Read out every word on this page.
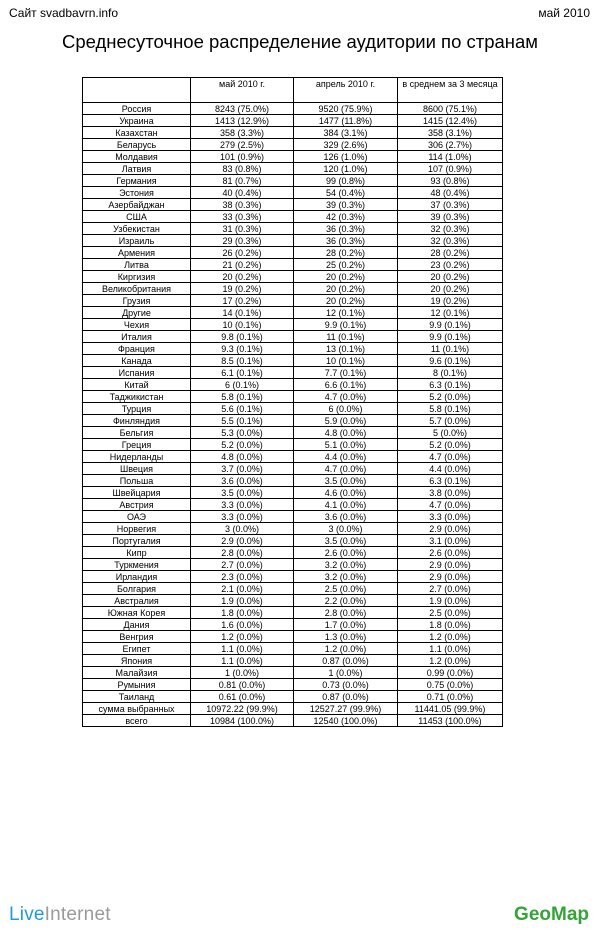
Сайт svadbavrn.info	май 2010
Среднесуточное распределение аудитории по странам
	май 2010 г.	апрель 2010 г.	в среднем за 3 месяца
Россия	8243 (75.0%)	9520 (75.9%)	8600 (75.1%)
Украина	1413 (12.9%)	1477 (11.8%)	1415 (12.4%)
Казахстан	358 (3.3%)	384 (3.1%)	358 (3.1%)
Беларусь	279 (2.5%)	329 (2.6%)	306 (2.7%)
Молдавия	101 (0.9%)	126 (1.0%)	114 (1.0%)
Латвия	83 (0.8%)	120 (1.0%)	107 (0.9%)
Германия	81 (0.7%)	99 (0.8%)	93 (0.8%)
Эстония	40 (0.4%)	54 (0.4%)	48 (0.4%)
Азербайджан	38 (0.3%)	39 (0.3%)	37 (0.3%)
США	33 (0.3%)	42 (0.3%)	39 (0.3%)
Узбекистан	31 (0.3%)	36 (0.3%)	32 (0.3%)
Израиль	29 (0.3%)	36 (0.3%)	32 (0.3%)
Армения	26 (0.2%)	28 (0.2%)	28 (0.2%)
Литва	21 (0.2%)	25 (0.2%)	23 (0.2%)
Киргизия	20 (0.2%)	20 (0.2%)	20 (0.2%)
Великобритания	19 (0.2%)	20 (0.2%)	20 (0.2%)
Грузия	17 (0.2%)	20 (0.2%)	19 (0.2%)
Другие	14 (0.1%)	12 (0.1%)	12 (0.1%)
Чехия	10 (0.1%)	9.9 (0.1%)	9.9 (0.1%)
Италия	9.8 (0.1%)	11 (0.1%)	9.9 (0.1%)
Франция	9.3 (0.1%)	13 (0.1%)	11 (0.1%)
Канада	8.5 (0.1%)	10 (0.1%)	9.6 (0.1%)
Испания	6.1 (0.1%)	7.7 (0.1%)	8 (0.1%)
Китай	6 (0.1%)	6.6 (0.1%)	6.3 (0.1%)
Таджикистан	5.8 (0.1%)	4.7 (0.0%)	5.2 (0.0%)
Турция	5.6 (0.1%)	6 (0.0%)	5.8 (0.1%)
Финляндия	5.5 (0.1%)	5.9 (0.0%)	5.7 (0.0%)
Бельгия	5.3 (0.0%)	4.8 (0.0%)	5 (0.0%)
Греция	5.2 (0.0%)	5.1 (0.0%)	5.2 (0.0%)
Нидерланды	4.8 (0.0%)	4.4 (0.0%)	4.7 (0.0%)
Швеция	3.7 (0.0%)	4.7 (0.0%)	4.4 (0.0%)
Польша	3.6 (0.0%)	3.5 (0.0%)	6.3 (0.1%)
Швейцария	3.5 (0.0%)	4.6 (0.0%)	3.8 (0.0%)
Австрия	3.3 (0.0%)	4.1 (0.0%)	4.7 (0.0%)
ОАЭ	3.3 (0.0%)	3.6 (0.0%)	3.3 (0.0%)
Норвегия	3 (0.0%)	3 (0.0%)	2.9 (0.0%)
Португалия	2.9 (0.0%)	3.5 (0.0%)	3.1 (0.0%)
Кипр	2.8 (0.0%)	2.6 (0.0%)	2.6 (0.0%)
Туркмения	2.7 (0.0%)	3.2 (0.0%)	2.9 (0.0%)
Ирландия	2.3 (0.0%)	3.2 (0.0%)	2.9 (0.0%)
Болгария	2.1 (0.0%)	2.5 (0.0%)	2.7 (0.0%)
Австралия	1.9 (0.0%)	2.2 (0.0%)	1.9 (0.0%)
Южная Корея	1.8 (0.0%)	2.8 (0.0%)	2.5 (0.0%)
Дания	1.6 (0.0%)	1.7 (0.0%)	1.8 (0.0%)
Венгрия	1.2 (0.0%)	1.3 (0.0%)	1.2 (0.0%)
Египет	1.1 (0.0%)	1.2 (0.0%)	1.1 (0.0%)
Япония	1.1 (0.0%)	0.87 (0.0%)	1.2 (0.0%)
Малайзия	1 (0.0%)	1 (0.0%)	0.99 (0.0%)
Румыния	0.81 (0.0%)	0.73 (0.0%)	0.75 (0.0%)
Таиланд	0.61 (0.0%)	0.87 (0.0%)	0.71 (0.0%)
сумма выбранных	10972.22 (99.9%)	12527.27 (99.9%)	11441.05 (99.9%)
всего	10984 (100.0%)	12540 (100.0%)	11453 (100.0%)
LiveInternet	GeoMap
